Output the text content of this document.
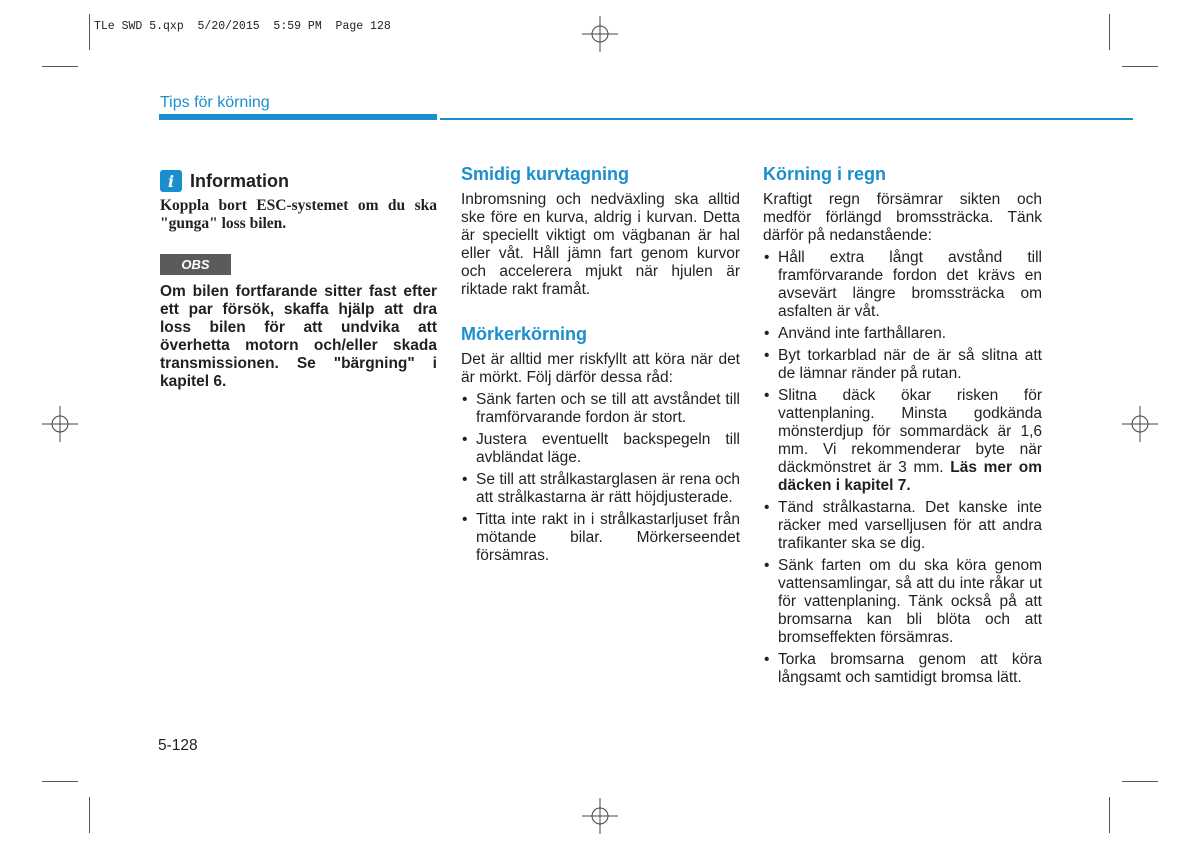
TLe SWD 5.qxp  5/20/2015  5:59 PM  Page 128
Tips för körning
i Information
Koppla bort ESC-systemet om du ska "gunga" loss bilen.
OBS
Om bilen fortfarande sitter fast efter ett par försök, skaffa hjälp att dra loss bilen för att undvika att överhetta motorn och/eller skada transmissionen. Se "bärgning" i kapitel 6.
Smidig kurvtagning

Inbromsning och nedväxling ska alltid ske före en kurva, aldrig i kurvan. Detta är speciellt viktigt om vägbanan är hal eller våt. Håll jämn fart genom kurvor och accelerera mjukt när hjulen är riktade rakt framåt.

Mörkerkörning

Det är alltid mer riskfyllt att köra när det är mörkt. Följ därför dessa råd:

• Sänk farten och se till att avståndet till framförvarande fordon är stort.
• Justera eventuellt backspegeln till avbländat läge.
• Se till att strålkastarglasen är rena och att strålkastarna är rätt höjdjusterade.
• Titta inte rakt in i strålkastarljuset från mötande bilar. Mörkerseendet försämras.
Körning i regn

Kraftigt regn försämrar sikten och medför förlängd bromssträcka. Tänk därför på nedanstående:

• Håll extra långt avstånd till framförvarande fordon det krävs en avsevärt längre bromssträcka om asfalten är våt.
• Använd inte farthållaren.
• Byt torkarblad när de är så slitna att de lämnar ränder på rutan.
• Slitna däck ökar risken för vattenplaning. Minsta godkända mönsterdjup för sommardäck är 1,6 mm. Vi rekommenderar byte när däckmönstret är 3 mm. Läs mer om däcken i kapitel 7.
• Tänd strålkastarna. Det kanske inte räcker med varselljusen för att andra trafikanter ska se dig.
• Sänk farten om du ska köra genom vattensamlingar, så att du inte råkar ut för vattenplaning. Tänk också på att bromsarna kan bli blöta och att bromseffekten försämras.
• Torka bromsarna genom att köra långsamt och samtidigt bromsa lätt.
5-128
